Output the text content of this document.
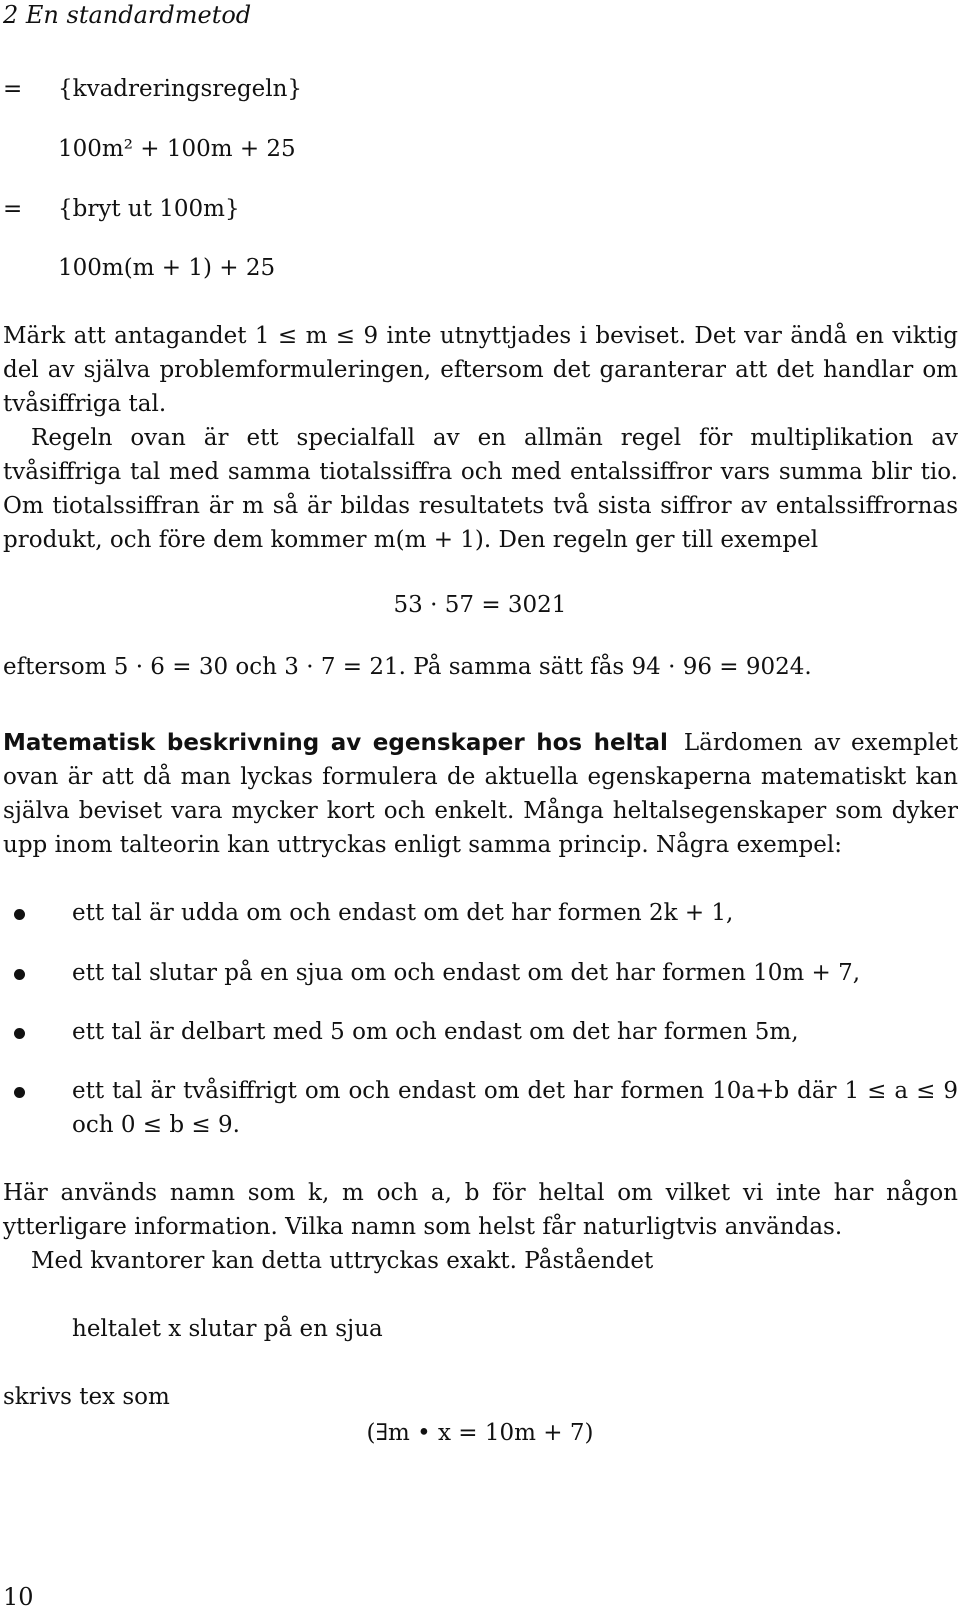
2 En standardmetod
= {kvadreringsregeln}
100m² + 100m + 25
= {bryt ut 100m}
100m(m + 1) + 25

Märk att antagandet 1 ≤ m ≤ 9 inte utnyttjades i beviset. Det var ändå en viktig del av själva problemformuleringen, eftersom det garanterar att det handlar om tvåsiffriga tal.

Regeln ovan är ett specialfall av en allmän regel för multiplikation av tvåsiffriga tal med samma tiotalssiffra och med entalssiffror vars summa blir tio. Om tiotalssiffran är m så är bildas resultatets två sista siffror av entalssiffrornas produkt, och före dem kommer m(m + 1). Den regeln ger till exempel

53 · 57 = 3021

eftersom 5 · 6 = 30 och 3 · 7 = 21. På samma sätt fås 94 · 96 = 9024.

Matematisk beskrivning av egenskaper hos heltal Lärdomen av exemplet ovan är att då man lyckas formulera de aktuella egenskaperna matematiskt kan själva beviset vara mycker kort och enkelt. Många heltalsegenskaper som dyker upp inom talteorin kan uttryckas enligt samma princip. Några exempel:

ett tal är udda om och endast om det har formen 2k + 1,
ett tal slutar på en sjua om och endast om det har formen 10m + 7,
ett tal är delbart med 5 om och endast om det har formen 5m,
ett tal är tvåsiffrigt om och endast om det har formen 10a+b där 1 ≤ a ≤ 9 och 0 ≤ b ≤ 9.

Här används namn som k, m och a, b för heltal om vilket vi inte har någon ytterligare information. Vilka namn som helst får naturligtvis användas.

Med kvantorer kan detta uttryckas exakt. Påståendet

heltalet x slutar på en sjua
skrivs tex som
(∃m • x = 10m + 7)
10
